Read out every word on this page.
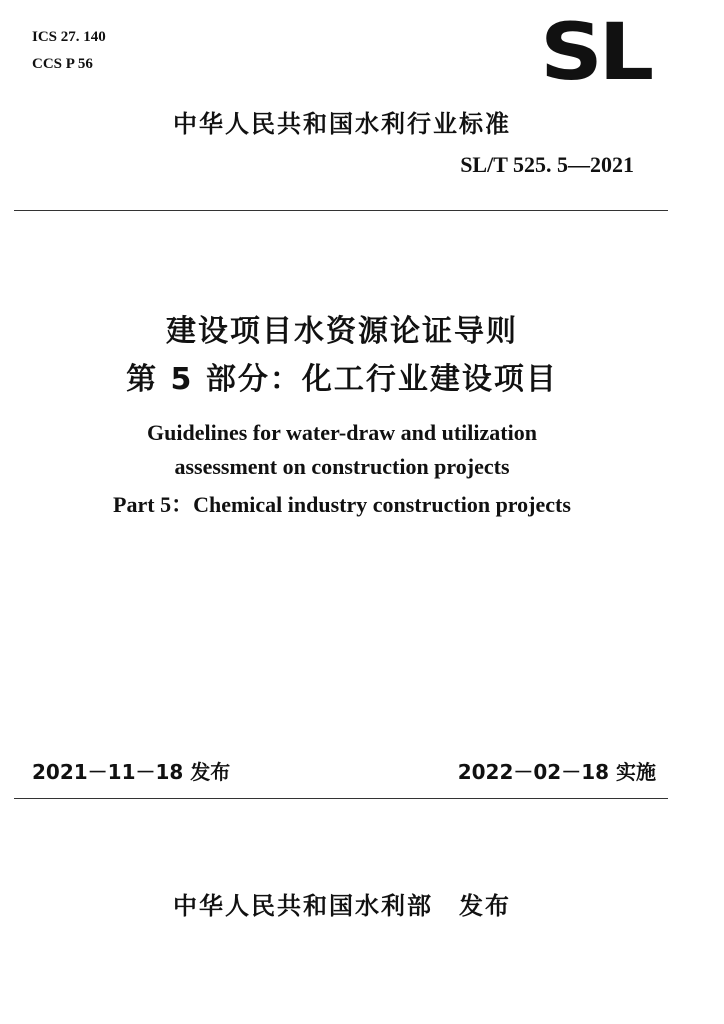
ICS 27. 140
CCS P 56	SL
中华人民共和国水利行业标准
SL/T 525. 5—2021
建设项目水资源论证导则
第 5 部分：化工行业建设项目
Guidelines for water-draw and utilization
assessment on construction projects
Part 5：Chemical industry construction projects
2021－11－18 发布	2022－02－18 实施
中华人民共和国水利部 发布
